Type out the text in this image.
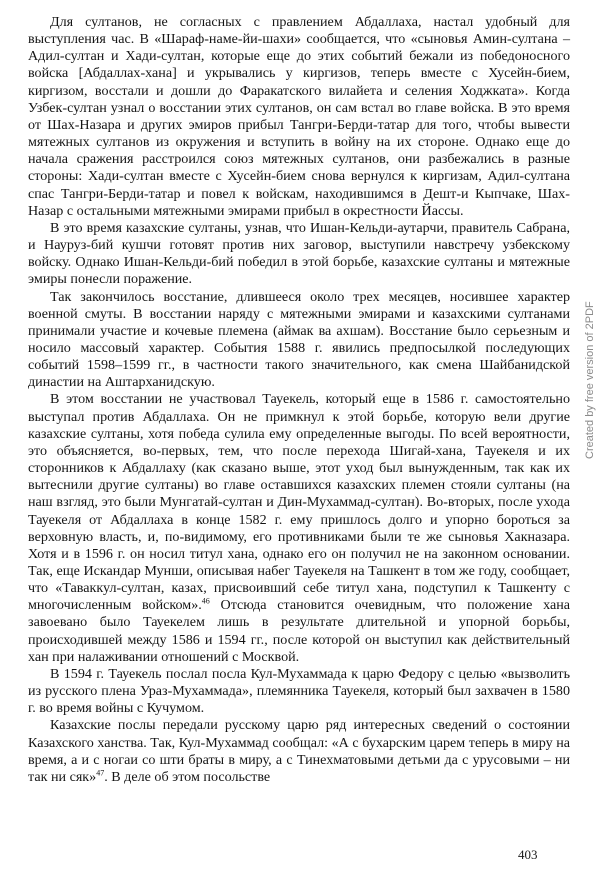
Для султанов, не согласных с правлением Абдаллаха, настал удобный для выступления час. В «Шараф-наме-йи-шахи» сообщается, что «сыновья Амин-султана – Адил-султан и Хади-султан, которые еще до этих событий бежали из победоносного войска [Абдаллах-хана] и укрывались у киргизов, теперь вместе с Хусейн-бием, киргизом, восстали и дошли до Фаракатского вилайета и селения Ходжката». Когда Узбек-султан узнал о восстании этих султанов, он сам встал во главе войска. В это время от Шах-Назара и других эмиров прибыл Тангри-Берди-татар для того, чтобы вывести мятежных султанов из окружения и вступить в войну на их стороне. Однако еще до начала сражения расстроился союз мятежных султанов, они разбежались в разные стороны: Хади-султан вместе с Хусейн-бием снова вернулся к киргизам, Адил-султана спас Тангри-Берди-татар и повел к войскам, находившимся в Дешт-и Кыпчаке, Шах-Назар с остальными мятежными эмирами прибыл в окрестности Йассы.

В это время казахские султаны, узнав, что Ишан-Кельди-аутарчи, правитель Сабрана, и Науруз-бий кушчи готовят против них заговор, выступили навстречу узбекскому войску. Однако Ишан-Кельди-бий победил в этой борьбе, казахские султаны и мятежные эмиры понесли поражение.

Так закончилось восстание, длившееся около трех месяцев, носившее характер военной смуты. В восстании наряду с мятежными эмирами и казахскими султанами принимали участие и кочевые племена (аймак ва ахшам). Восстание было серьезным и носило массовый характер. События 1588 г. явились предпосылкой последующих событий 1598–1599 гг., в частности такого значительного, как смена Шайбанидской династии на Аштарханидскую.

В этом восстании не участвовал Тауекель, который еще в 1586 г. самостоятельно выступал против Абдаллаха. Он не примкнул к этой борьбе, которую вели другие казахские султаны, хотя победа сулила ему определенные выгоды. По всей вероятности, это объясняется, во-первых, тем, что после перехода Шигай-хана, Тауекеля и их сторонников к Абдаллаху (как сказано выше, этот уход был вынужденным, так как их вытеснили другие султаны) во главе оставшихся казахских племен стояли султаны (на наш взгляд, это были Мунгатай-султан и Дин-Мухаммад-султан). Во-вторых, после ухода Тауекеля от Абдаллаха в конце 1582 г. ему пришлось долго и упорно бороться за верховную власть, и, по-видимому, его противниками были те же сыновья Хакназара. Хотя и в 1596 г. он носил титул хана, однако его он получил не на законном основании. Так, еще Искандар Мунши, описывая набег Тауекеля на Ташкент в том же году, сообщает, что «Таваккул-султан, казах, присвоивший себе титул хана, подступил к Ташкенту с многочисленным войском».$^{46}$ Отсюда становится очевидным, что положение хана завоевано было Тауекелем лишь в результате длительной и упорной борьбы, происходившей между 1586 и 1594 гг., после которой он выступил как действительный хан при налаживании отношений с Москвой.

В 1594 г. Тауекель послал посла Кул-Мухаммада к царю Федору с целью «вызволить из русского плена Ураз-Мухаммада», племянника Тауекеля, который был захвачен в 1580 г. во время войны с Кучумом.

Казахские послы передали русскому царю ряд интересных сведений о состоянии Казахского ханства. Так, Кул-Мухаммад сообщал: «А с бухарским царем теперь в миру на время, а и с ногаи со шти браты в миру, а с Тинехматовыми детьми да с урусовыми – ни так ни сяк»$^{47}$. В деле об этом посольстве

Created by free version of 2PDF
403
